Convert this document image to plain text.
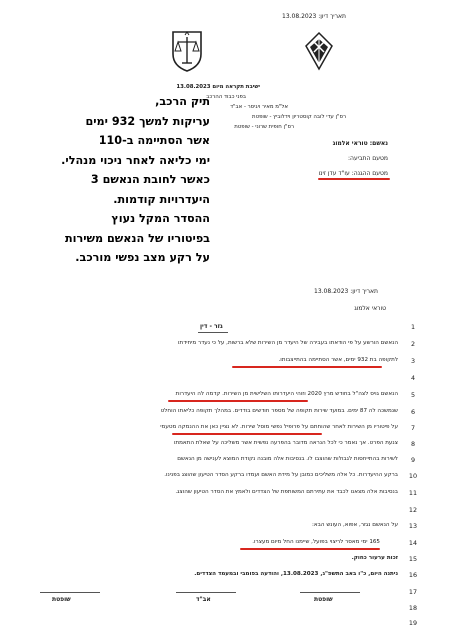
תאריך דיון: 13.08.2023
ישיבת תקראה מיום 13.08.2023
בפני כבוד ההרכב
אל"מ מאיר ויגיסר - אב"ד
רס"ן עדי לובה קוסטריון וידלוביץ - שופטת
רס"ן חופית שרוני - שופטת
נאשם: טוראי אלמוג
מטעם התביעה:
מטעם ההגנה: עו"ד עדן זינו
תיק הרכב,
עריקות למשך 932 ימים
אשר הסתיימה ב-110
ימי כליאה לאחר ניכוי מנהלי.
כאשר לחובת הנאשם 3
היעדרויות קודמות.
ההסדר המקל נעוץ
בפיטוריו של הנאשם משירות
על רקע מצב נפשי מורכב.
תאריך דיון: 13.08.2023
טוראי אלמוג
1
2
3
4
5
6
7
8
9
10
11
12
13
14
15
16
17
18
19
גזר - דין
הנאשם הורשע על פי הודאתו בעבירה של היעדר מן השירות שלא ברשות, על כי נעדר מיחידתו
לתקופה בת 932 ימים, אשר הסתיימה בהתייצבותו.
הנאשם גויס לצה"ל בחודש מרץ 2020 וזוהי היעדרותו השלישית מן השירות. קדמה לה היעדרות
שנמשכה לה 87 ימים. במועד שירות תקופה של מספר חודשים בודדים. במהלך תקופה כליאתו הוחלט
על פיטוריו מן השירות לאחר שהוחתם על פרופיל נפשי מוסל שירות. לא נציין כאן את ההנמקה מטעמי
צנעת הפרט. אך נאמר כי לכל הנראה מדובר בהפרעה נפשית אשר משליכה על שאלת התאמתו
לשירות בהתייחסות לגבולות שהוצבו לו. בנסיבות אלה מובנה נקודת המוצא לענישה מן הנאשם
ברקע ההיעדרות. כל אלה משליכים כמובן על מידת האשם ועמדו ברקע הסדר הטיעון שהוצג בפנינו.
בנסיבות אלה מצאנו לכבד את עתירתם המשותפת של הצדדים ולאמץ את הסדר הטיעון שהוצג.
על הנאשם נגזר, אפוא, העונש הבא:
165 ימי מאסר לריצוי בפועל, שיימנו החל מיום מעצרו.
זכות ערעור כחוק.
ניתנה היום, כ"ו באב התשפ"ג, 13.08.2023, והודעה בפומבי ובמעמד הצדדים.
שופטת	אב"ד	שופטת
